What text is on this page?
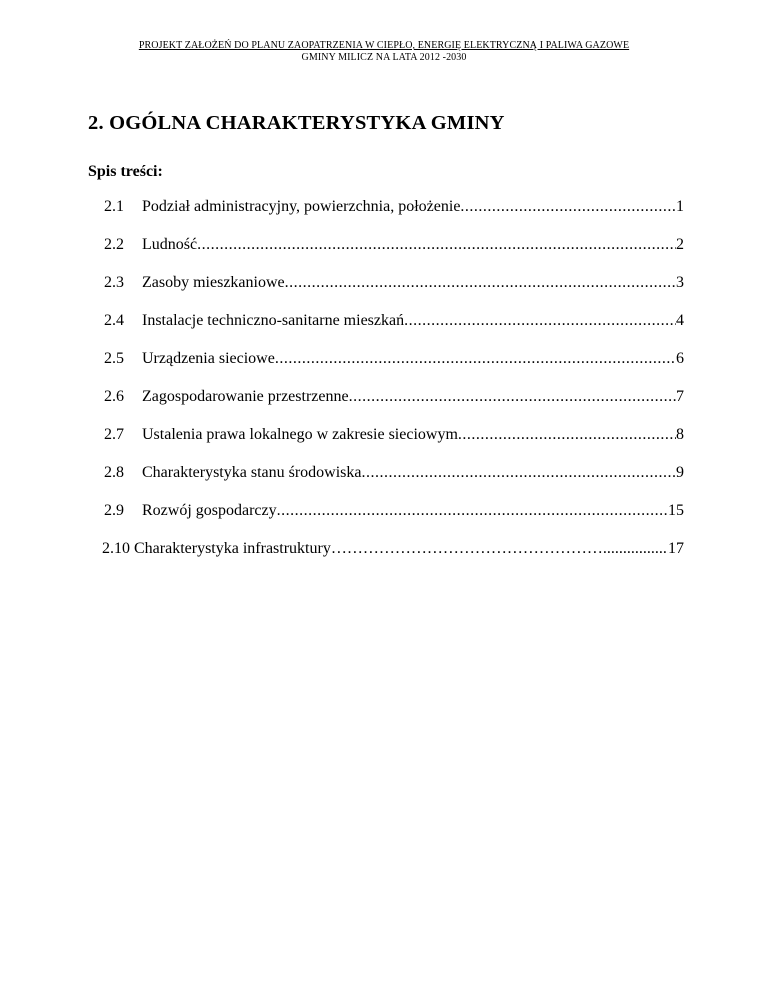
PROJEKT ZAŁOŻEŃ DO PLANU ZAOPATRZENIA W CIEPŁO, ENERGIĘ ELEKTRYCZNĄ I PALIWA GAZOWE
GMINY MILICZ NA LATA 2012 -2030
2. OGÓLNA CHARAKTERYSTYKA GMINY
Spis treści:
2.1	Podział administracyjny, powierzchnia, położenie .....	1
2.2	Ludność .....	2
2.3	Zasoby mieszkaniowe .....	3
2.4	Instalacje techniczno-sanitarne mieszkań .....	4
2.5	Urządzenia sieciowe .....	6
2.6	Zagospodarowanie przestrzenne .....	7
2.7	Ustalenia prawa lokalnego w zakresie sieciowym .....	8
2.8	Charakterystyka stanu środowiska .....	9
2.9	Rozwój gospodarczy .....	15
2.10 Charakterystyka infrastruktury …………………………………………… .....	17
